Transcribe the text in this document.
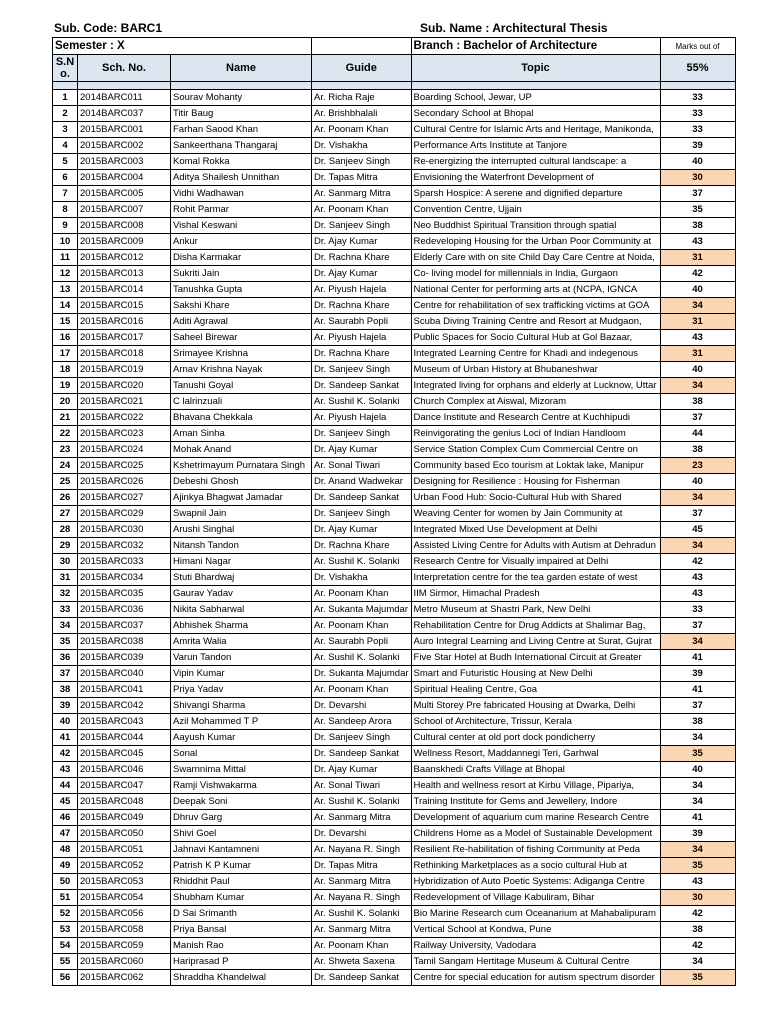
Sub. Code: BARC1	Sub. Name : Architectural Thesis
Semester : X				Branch : Bachelor of Architecture	Marks out of
S.N o.	Sch. No.	Name	Guide	Topic	55%

1	2014BARC011	Sourav Mohanty	Ar. Richa Raje	Boarding School, Jewar, UP	33
2	2014BARC037	Titir Baug	Ar. Brishbhalali	Secondary School at Bhopal	33
3	2015BARC001	Farhan Saood Khan	Ar. Poonam Khan	Cultural Centre for Islamic Arts and Heritage, Manikonda,	33
4	2015BARC002	Sankeerthana Thangaraj	Dr. Vishakha	Performance Arts Institute at Tanjore	39
5	2015BARC003	Komal Rokka	Dr. Sanjeev Singh	Re-energizing the interrupted cultural landscape: a	40
6	2015BARC004	Aditya Shailesh Unnithan	Dr. Tapas Mitra	Envisioning the Waterfront Development of	30
7	2015BARC005	Vidhi Wadhawan	Ar. Sanmarg Mitra	Sparsh Hospice: A serene and dignified departure	37
8	2015BARC007	Rohit Parmar	Ar. Poonam Khan	Convention Centre, Ujjain	35
9	2015BARC008	Vishal Keswani	Dr. Sanjeev Singh	Neo Buddhist Spiritual Transition through spatial	38
10	2015BARC009	Ankur	Dr. Ajay Kumar	Redeveloping Housing for the Urban Poor Community at	43
11	2015BARC012	Disha Karmakar	Dr. Rachna Khare	Elderly Care with on site Child Day Care Centre at Noida,	31
12	2015BARC013	Sukriti Jain	Dr. Ajay Kumar	Co- living model for millennials in India, Gurgaon	42
13	2015BARC014	Tanushka Gupta	Ar. Piyush Hajela	National Center for performing arts at (NCPA, IGNCA	40
14	2015BARC015	Sakshi Khare	Dr. Rachna Khare	Centre for rehabilitation of sex trafficking victims at GOA	34
15	2015BARC016	Aditi Agrawal	Ar. Saurabh Popli	Scuba Diving Training Centre and Resort at Mudgaon,	31
16	2015BARC017	Saheel Birewar	Ar. Piyush Hajela	Public Spaces for Socio Cultural Hub at Gol Bazaar,	43
17	2015BARC018	Srimayee Krishna	Dr. Rachna Khare	Integrated Learning Centre for Khadi and indegenous	31
18	2015BARC019	Arnav Krishna Nayak	Dr. Sanjeev Singh	Museum of Urban History at Bhubaneshwar	40
19	2015BARC020	Tanushi Goyal	Dr. Sandeep Sankat	Integrated living for orphans and elderly at Lucknow, Uttar	34
20	2015BARC021	C lalrinzuali	Ar. Sushil K. Solanki	Church Complex at Aiswal, Mizoram	38
21	2015BARC022	Bhavana Chekkala	Ar. Piyush Hajela	Dance Institute and Research Centre at Kuchhipudi	37
22	2015BARC023	Aman Sinha	Dr. Sanjeev Singh	Reinvigorating the genius Loci of Indian Handloom	44
23	2015BARC024	Mohak Anand	Dr. Ajay Kumar	Service Station Complex Cum Commercial Centre on	38
24	2015BARC025	Kshetrimayum Purnatara Singh	Ar. Sonal Tiwari	Community based Eco tourism at Loktak lake, Manipur	23
25	2015BARC026	Debeshi Ghosh	Dr. Anand Wadwekar	Designing for Resilience : Housing for Fisherman	40
26	2015BARC027	Ajinkya Bhagwat Jamadar	Dr. Sandeep Sankat	Urban Food Hub: Socio-Cultural Hub with Shared	34
27	2015BARC029	Swapnil Jain	Dr. Sanjeev Singh	Weaving Center for women by Jain Community at	37
28	2015BARC030	Arushi Singhal	Dr. Ajay Kumar	Integrated Mixed Use Development at Delhi	45
29	2015BARC032	Nitansh Tandon	Dr. Rachna Khare	Assisted Living Centre for Adults with Autism at Dehradun	34
30	2015BARC033	Himani Nagar	Ar. Sushil K. Solanki	Research Centre for Visually impaired at Delhi	42
31	2015BARC034	Stuti Bhardwaj	Dr. Vishakha	Interpretation centre for the tea garden estate of west	43
32	2015BARC035	Gaurav Yadav	Ar. Poonam Khan	IIM Sirmor, Himachal Pradesh	43
33	2015BARC036	Nikita Sabharwal	Ar. Sukanta Majumdar	Metro Museum at Shastri Park, New Delhi	33
34	2015BARC037	Abhishek Sharma	Ar. Poonam Khan	Rehabilitation Centre for Drug Addicts at Shalimar Bag,	37
35	2015BARC038	Amrita Walia	Ar. Saurabh Popli	Auro Integral Learning and Living Centre at Surat, Gujrat	34
36	2015BARC039	Varun Tandon	Ar. Sushil K. Solanki	Five Star Hotel at Budh International Circuit at Greater	41
37	2015BARC040	Vipin Kumar	Dr. Sukanta Majumdar	Smart and Futuristic Housing at New Delhi	39
38	2015BARC041	Priya Yadav	Ar. Poonam Khan	Spiritual Healing Centre, Goa	41
39	2015BARC042	Shivangi Sharma	Dr. Devarshi	Multi Storey Pre fabricated Housing at Dwarka, Delhi	37
40	2015BARC043	Azil Mohammed T P	Ar. Sandeep Arora	School of Architecture, Trissur, Kerala	38
41	2015BARC044	Aayush Kumar	Dr. Sanjeev Singh	Cultural center at old port dock pondicherry	34
42	2015BARC045	Sonal	Dr. Sandeep Sankat	Wellness Resort, Maddannegi Teri, Garhwal	35
43	2015BARC046	Swarnnima Mittal	Dr. Ajay Kumar	Baanskhedi Crafts Village at Bhopal	40
44	2015BARC047	Ramji Vishwakarma	Ar. Sonal Tiwari	Health and wellness resort at Kirbu Village, Pipariya,	34
45	2015BARC048	Deepak Soni	Ar. Sushil K. Solanki	Training Institute for Gems and Jewellery, Indore	34
46	2015BARC049	Dhruv Garg	Ar. Sanmarg Mitra	Development of aquarium cum marine Research Centre	41
47	2015BARC050	Shivi Goel	Dr. Devarshi	Childrens Home as a Model of Sustainable Development	39
48	2015BARC051	Jahnavi Kantamneni	Ar. Nayana R. Singh	Resilient Re-habilitation of fishing Community at Peda	34
49	2015BARC052	Patrish K P Kumar	Dr. Tapas Mitra	Rethinking Marketplaces as a socio cultural Hub at	35
50	2015BARC053	Rhiddhit Paul	Ar. Sanmarg Mitra	Hybridization of Auto Poetic Systems: Adiganga Centre	43
51	2015BARC054	Shubham Kumar	Ar. Nayana R. Singh	Redevelopment of Village Kabuliram, Bihar	30
52	2015BARC056	D Sai Srimanth	Ar. Sushil K. Solanki	Bio Marine Research cum Oceanarium at Mahabalipuram	42
53	2015BARC058	Priya Bansal	Ar. Sanmarg Mitra	Vertical School at Kondwa, Pune	38
54	2015BARC059	Manish Rao	Ar. Poonam Khan	Railway University, Vadodara	42
55	2015BARC060	Hariprasad P	Ar. Shweta Saxena	Tamil Sangam Hertitage Museum & Cultural Centre	34
56	2015BARC062	Shraddha Khandelwal	Dr. Sandeep Sankat	Centre for special education for autism spectrum disorder	35
